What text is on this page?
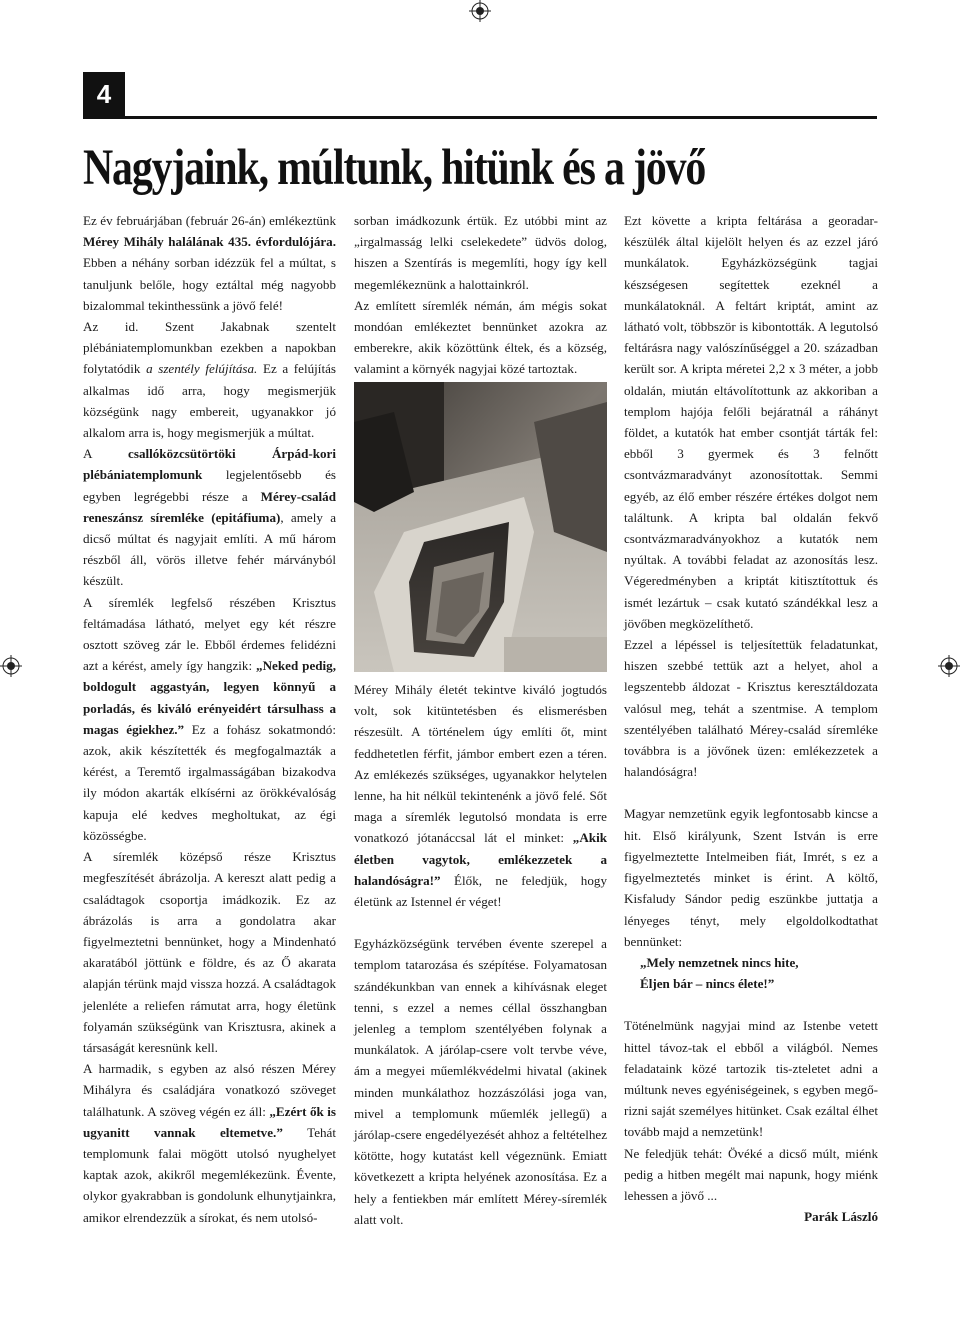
4
Nagyjaink, múltunk, hitünk és a jövő

Ez év februárjában (február 26-án) emlékeztünk Mérey Mihály halálának 435. évfordulójára. Ebben a néhány sorban idézzük fel a múltat, s tanuljunk belőle, hogy eztáltal még nagyobb bizalommal tekinthessünk a jövő felé!

Az id. Szent Jakabnak szentelt plébániatemplomunkban ezekben a napokban folytatódik a szentély felújítása. Ez a felújítás alkalmas idő arra, hogy megismerjük községünk nagy embereit, ugyanakkor jó alkalom arra is, hogy megismerjük a múltat.

A csallóközcsütörtöki Árpád-kori plébániatemplomunk legjelentősebb és egyben legrégebbi része a Mérey-család reneszánsz síremléke (epitáfiuma), amely a dicső múltat és nagyjait említi. A mű három részből áll, vörös illetve fehér márványból készült.

A síremlék legfelső részében Krisztus feltámadása látható, melyet egy két részre osztott szöveg zár le. Ebből érdemes felidézni azt a kérést, amely így hangzik: „Neked pedig, boldogult aggastyán, legyen könnyű a porladás, és kiváló erényeidért társulhass a magas égiekhez.” Ez a fohász sokatmondó: azok, akik készítették és megfogalmazták a kérést, a Teremtő irgalmasságában bizakodva ily módon akarták elkísérni az örökkévalóság kapuja elé kedves megholtukat, az égi közösségbe.

A síremlék középső része Krisztus megfeszítését ábrázolja. A kereszt alatt pedig a családtagok csoportja imádkozik. Ez az ábrázolás is arra a gondolatra akar figyelmeztetni bennünket, hogy a Mindenható akaratából jöttünk e földre, és az Ő akarata alapján térünk majd vissza hozzá. A családtagok jelenléte a reliefen rámutat arra, hogy életünk folyamán szükségünk van Krisztusra, akinek a társaságát keresnünk kell.

A harmadik, s egyben az alsó részen Mérey Mihályra és családjára vonatkozó szöveget találhatunk. A szöveg végén ez áll: „Ezért ők is ugyanitt vannak eltemetve.” Tehát templomunk falai mögött utolsó nyughelyet kaptak azok, akikről megemlékezünk. Évente, olykor gyakrabban is gondolunk elhunytjainkra, amikor elrendezzük a sírokat, és nem utolsó-

sorban imádkozunk értük. Ez utóbbi mint az „irgalmasság lelki cselekedete” üdvös dolog, hiszen a Szentírás is megemlíti, hogy így kell megemlékeznünk a halottainkról.

Az említett síremlék némán, ám mégis sokat mondóan emlékeztet bennünket azokra az emberekre, akik közöttünk éltek, és a község, valamint a környék nagyjai közé tartoztak.

Mérey Mihály életét tekintve kiváló jogtudós volt, sok kitüntetésben és elismerésben részesült. A történelem úgy említi őt, mint feddhetetlen férfit, jámbor embert ezen a téren. Az emlékezés szükséges, ugyanakkor helytelen lenne, ha hit nélkül tekintenénk a jövő felé. Sőt maga a síremlék legutolsó mondata is erre vonatkozó jótanáccsal lát el minket: „Akik életben vagytok, emlékezzetek a halandóságra!” Élők, ne feledjük, hogy életünk az Istennel ér véget!

Egyházközségünk tervében évente szerepel a templom tatarozása és szépítése. Folyamatosan szándékunkban van ennek a kihívásnak eleget tenni, s ezzel a nemes céllal összhangban jelenleg a templom szentélyében folynak a munkálatok. A járólap-csere volt tervbe véve, ám a megyei műemlékvédelmi hivatal (akinek minden munkálathoz hozzászólási joga van, mivel a templomunk műemlék jellegű) a járólap-csere engedélyezését ahhoz a feltételhez kötötte, hogy kutatást kell végeznünk. Emiatt következett a kripta helyének azonosítása. Ez a hely a fentiekben már említett Mérey-síremlék alatt volt.

Ezt követte a kripta feltárása a georadar-készülék által kijelölt helyen és az ezzel járó munkálatok. Egyházközségünk tagjai készségesen segítettek ezeknél a munkálatoknál. A feltárt kriptát, amint az látható volt, többször is kibontották. A legutolsó feltárásra nagy valószínűséggel a 20. században került sor. A kripta méretei 2,2 x 3 méter, a jobb oldalán, miután eltávolítottunk az akkoriban a templom hajója felőli bejáratnál a ráhányt földet, a kutatók hat ember csontját tárták fel: ebből 3 gyermek és 3 felnőtt csontvázmaradványt azonosítottak. Semmi egyéb, az élő ember részére értékes dolgot nem találtunk. A kripta bal oldalán fekvő csontvázmaradványokhoz a kutatók nem nyúltak. A további feladat az azonosítás lesz. Végeredményben a kriptát kitisztítottuk és ismét lezártuk – csak kutató szándékkal lesz a jövőben megközelíthető.

Ezzel a lépéssel is teljesítettük feladatunkat, hiszen szebbé tettük azt a helyet, ahol a legszentebb áldozat - Krisztus keresztáldozata valósul meg, tehát a szentmise. A templom szentélyében található Mérey-család síremléke továbbra is a jövőnek üzen: emlékezzetek a halandóságra!

Magyar nemzetünk egyik legfontosabb kincse a hit. Első királyunk, Szent István is erre figyelmeztette Intelmeiben fiát, Imrét, s ez a figyelmeztetés minket is érint. A költő, Kisfaludy Sándor pedig eszünkbe juttatja a lényeges tényt, mely elgoldolkodtathat bennünket:

„Mely nemzetnek nincs hite,

Éljen bár – nincs élete!”

Töténelmünk nagyjai mind az Istenbe vetett hittel távoz-tak el ebből a világból. Nemes feladataink közé tartozik tis-zteletet adni a múltunk neves egyéniségeinek, s egyben megő-rizni saját személyes hitünket. Csak ezáltal élhet tovább majd a nemzetünk!

Ne feledjük tehát: Övéké a dicső múlt, miénk pedig a hitben megélt mai napunk, hogy miénk lehessen a jövő ...

Parák László
